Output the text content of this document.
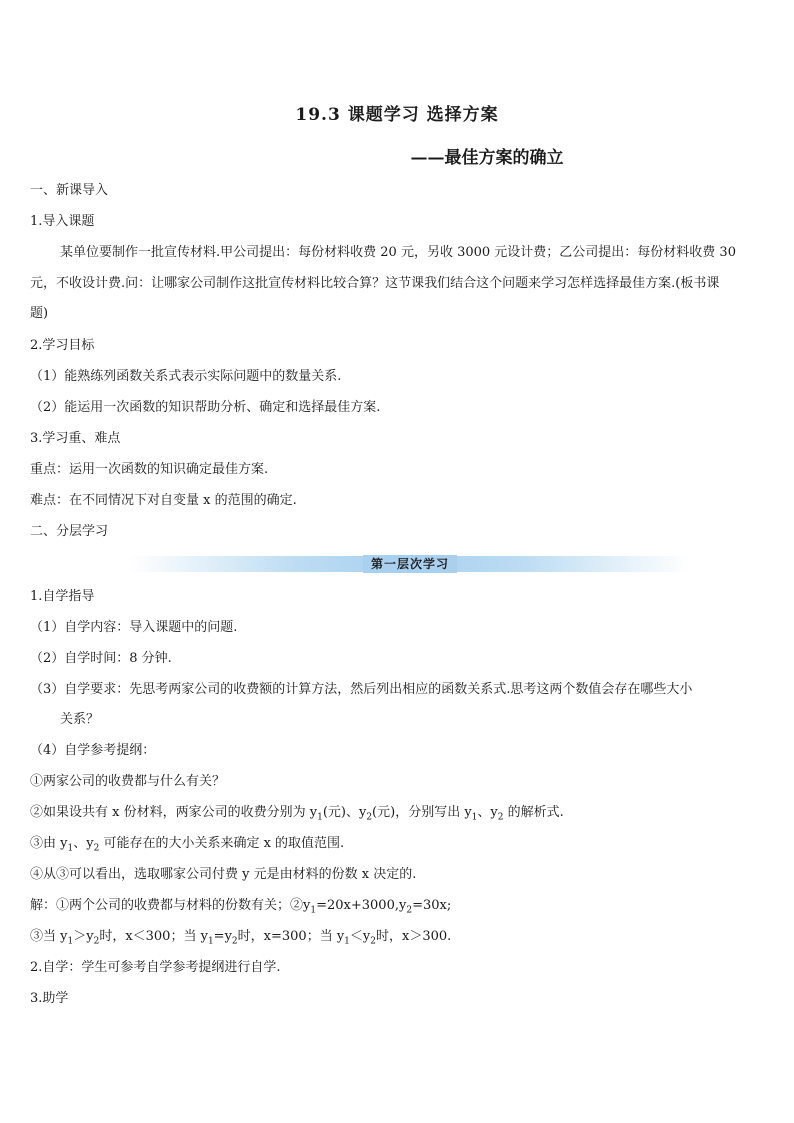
19.3 课题学习 选择方案
——最佳方案的确立
一、新课导入
1.导入课题
某单位要制作一批宣传材料.甲公司提出：每份材料收费 20 元，另收 3000 元设计费；乙公司提出：每份材料收费 30
元，不收设计费.问：让哪家公司制作这批宣传材料比较合算？这节课我们结合这个问题来学习怎样选择最佳方案.(板书课
题)
2.学习目标
（1）能熟练列函数关系式表示实际问题中的数量关系.
（2）能运用一次函数的知识帮助分析、确定和选择最佳方案.
3.学习重、难点
重点：运用一次函数的知识确定最佳方案.
难点：在不同情况下对自变量 x 的范围的确定.
二、分层学习
第一层次学习
1.自学指导
（1）自学内容：导入课题中的问题.
（2）自学时间：8 分钟.
（3）自学要求：先思考两家公司的收费额的计算方法，然后列出相应的函数关系式.思考这两个数值会存在哪些大小
关系？
（4）自学参考提纲：
①两家公司的收费都与什么有关？
②如果设共有 x 份材料，两家公司的收费分别为 $y_1$(元)、$y_2$(元)，分别写出 $y_1$、$y_2$ 的解析式.
③由 $y_1$、$y_2$ 可能存在的大小关系来确定 x 的取值范围.
④从③可以看出，选取哪家公司付费 y 元是由材料的份数 x 决定的.
解：①两个公司的收费都与材料的份数有关；$②y_1=20x+3000,y_2=30x$;
③当 $y_1>y_2$时，x＜300；当 $y_1=y_2$时，x=300；当 $y_1<y_2$时，x＞300.
2.自学：学生可参考自学参考提纲进行自学.
3.助学
